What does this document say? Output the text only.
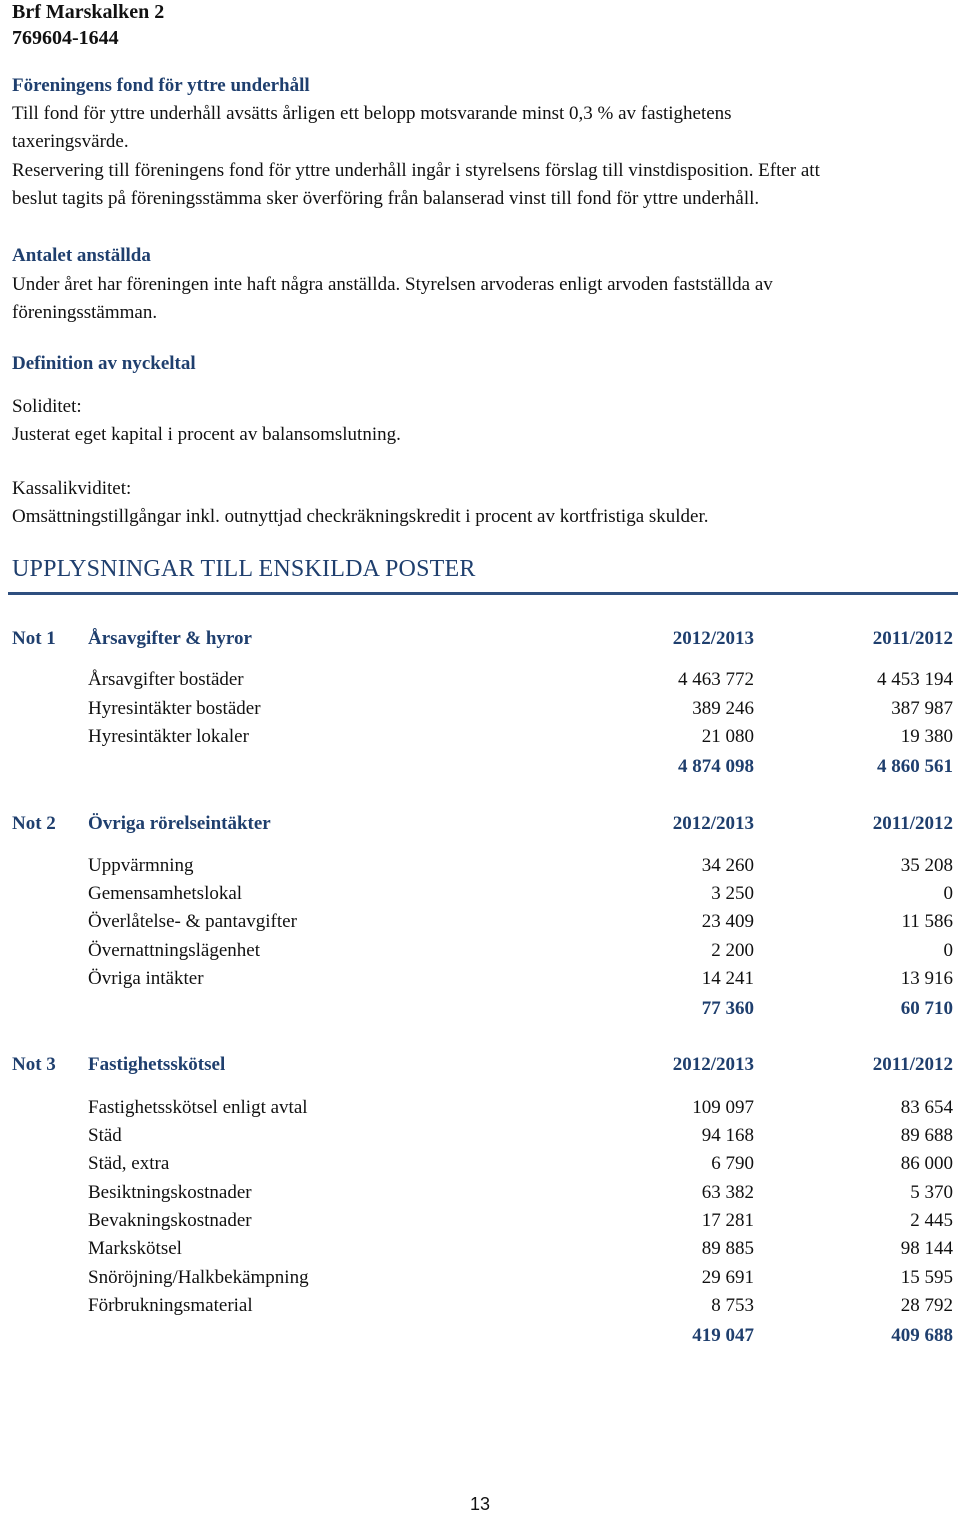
Brf Marskalken 2
769604-1644
Föreningens fond för yttre underhåll
Till fond för yttre underhåll avsätts årligen ett belopp motsvarande minst 0,3 % av fastighetens
taxeringsvärde.
Reservering till föreningens fond för yttre underhåll ingår i styrelsens förslag till vinstdisposition. Efter att
beslut tagits på föreningsstämma sker överföring från balanserad vinst till fond för yttre underhåll.
Antalet anställda
Under året har föreningen inte haft några anställda. Styrelsen arvoderas enligt arvoden fastställda av
föreningsstämman.
Definition av nyckeltal
Soliditet:
Justerat eget kapital i procent av balansomslutning.
Kassalikviditet:
Omsättningstillgångar inkl. outnyttjad checkräkningskredit i procent av kortfristiga skulder.
UPPLYSNINGAR TILL ENSKILDA POSTER
Not 1 Årsavgifter & hyror	2012/2013	2011/2012
Årsavgifter bostäder	4 463 772	4 453 194
Hyresintäkter bostäder	389 246	387 987
Hyresintäkter lokaler	21 080	19 380
4 874 098	4 860 561
Not 2 Övriga rörelseintäkter	2012/2013	2011/2012
Uppvärmning	34 260	35 208
Gemensamhetslokal	3 250	0
Överlåtelse- & pantavgifter	23 409	11 586
Övernattningslägenhet	2 200	0
Övriga intäkter	14 241	13 916
77 360	60 710
Not 3 Fastighetsskötsel	2012/2013	2011/2012
Fastighetsskötsel enligt avtal	109 097	83 654
Städ	94 168	89 688
Städ, extra	6 790	86 000
Besiktningskostnader	63 382	5 370
Bevakningskostnader	17 281	2 445
Markskötsel	89 885	98 144
Snöröjning/Halkbekämpning	29 691	15 595
Förbrukningsmaterial	8 753	28 792
419 047	409 688
13
